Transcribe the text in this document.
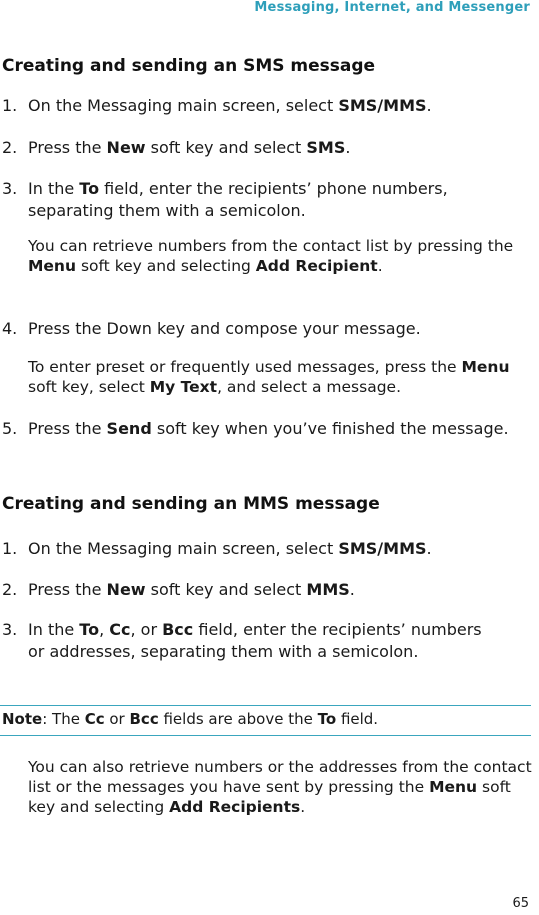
Messaging, Internet, and Messenger
Creating and sending an SMS message
1. On the Messaging main screen, select SMS/MMS.
2. Press the New soft key and select SMS.
3. In the To field, enter the recipients’ phone numbers, separating them with a semicolon.
You can retrieve numbers from the contact list by pressing the Menu soft key and selecting Add Recipient.
4. Press the Down key and compose your message.
To enter preset or frequently used messages, press the Menu soft key, select My Text, and select a message.
5. Press the Send soft key when you’ve finished the message.
Creating and sending an MMS message
1. On the Messaging main screen, select SMS/MMS.
2. Press the New soft key and select MMS.
3. In the To, Cc, or Bcc field, enter the recipients’ numbers or addresses, separating them with a semicolon.
Note: The Cc or Bcc fields are above the To field.
You can also retrieve numbers or the addresses from the contact list or the messages you have sent by pressing the Menu soft key and selecting Add Recipients.
65
